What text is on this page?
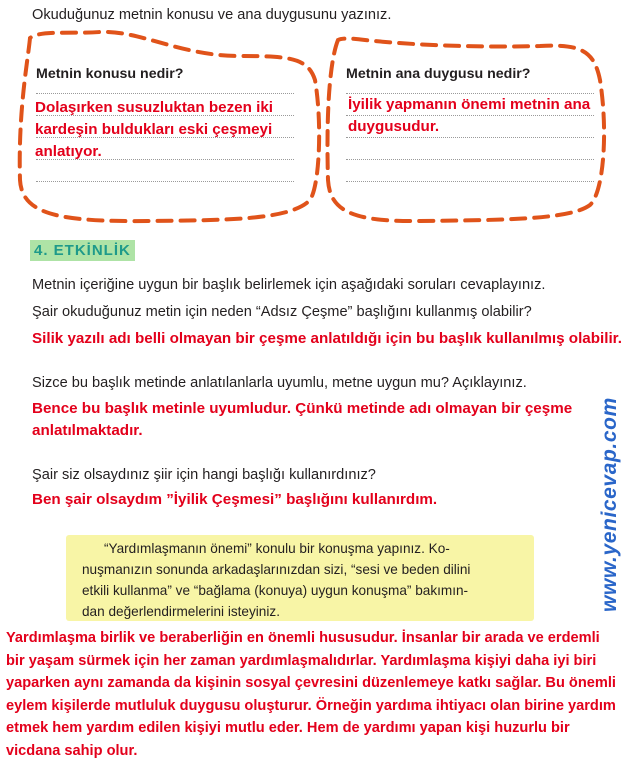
Okuduğunuz metnin konusu ve ana duygusunu yazınız.
Metnin konusu nedir?
Dolaşırken susuzluktan bezen iki
kardeşin buldukları eski çeşmeyi
anlatıyor.
Metnin ana duygusu nedir?
İyilik yapmanın önemi metnin ana
duygusudur.
4. ETKİNLİK
Metnin içeriğine uygun bir başlık belirlemek için aşağıdaki soruları cevaplayınız.
Şair okuduğunuz metin için neden “Adsız Çeşme” başlığını kullanmış olabilir?
Silik yazılı adı belli olmayan bir çeşme anlatıldığı için bu başlık kullanılmış olabilir.
Sizce bu başlık metinde anlatılanlarla uyumlu, metne uygun mu? Açıklayınız.
Bence bu başlık metinle uyumludur. Çünkü metinde adı olmayan bir çeşme
anlatılmaktadır.
Şair siz olsaydınız şiir için hangi başlığı kullanırdınız?
Ben şair olsaydım ”İyilik Çeşmesi” başlığını kullanırdım.
“Yardımlaşmanın önemi” konulu bir konuşma yapınız. Ko-
nuşmanızın sonunda arkadaşlarınızdan sizi, “sesi ve beden dilini
etkili kullanma” ve “bağlama (konuya) uygun konuşma” bakımın-
dan değerlendirmelerini isteyiniz.	www.yenicevap.com
Yardımlaşma birlik ve beraberliğin en önemli hususudur. İnsanlar bir arada ve erdemli
bir yaşam sürmek için her zaman yardımlaşmalıdırlar. Yardımlaşma kişiyi daha iyi biri
yaparken aynı zamanda da kişinin sosyal çevresini düzenlemeye katkı sağlar. Bu önemli
eylem kişilerde mutluluk duygusu oluşturur. Örneğin yardıma ihtiyacı olan birine yardım
etmek hem yardım edilen kişiyi mutlu eder. Hem de yardımı yapan kişi huzurlu bir
vicdana sahip olur.
